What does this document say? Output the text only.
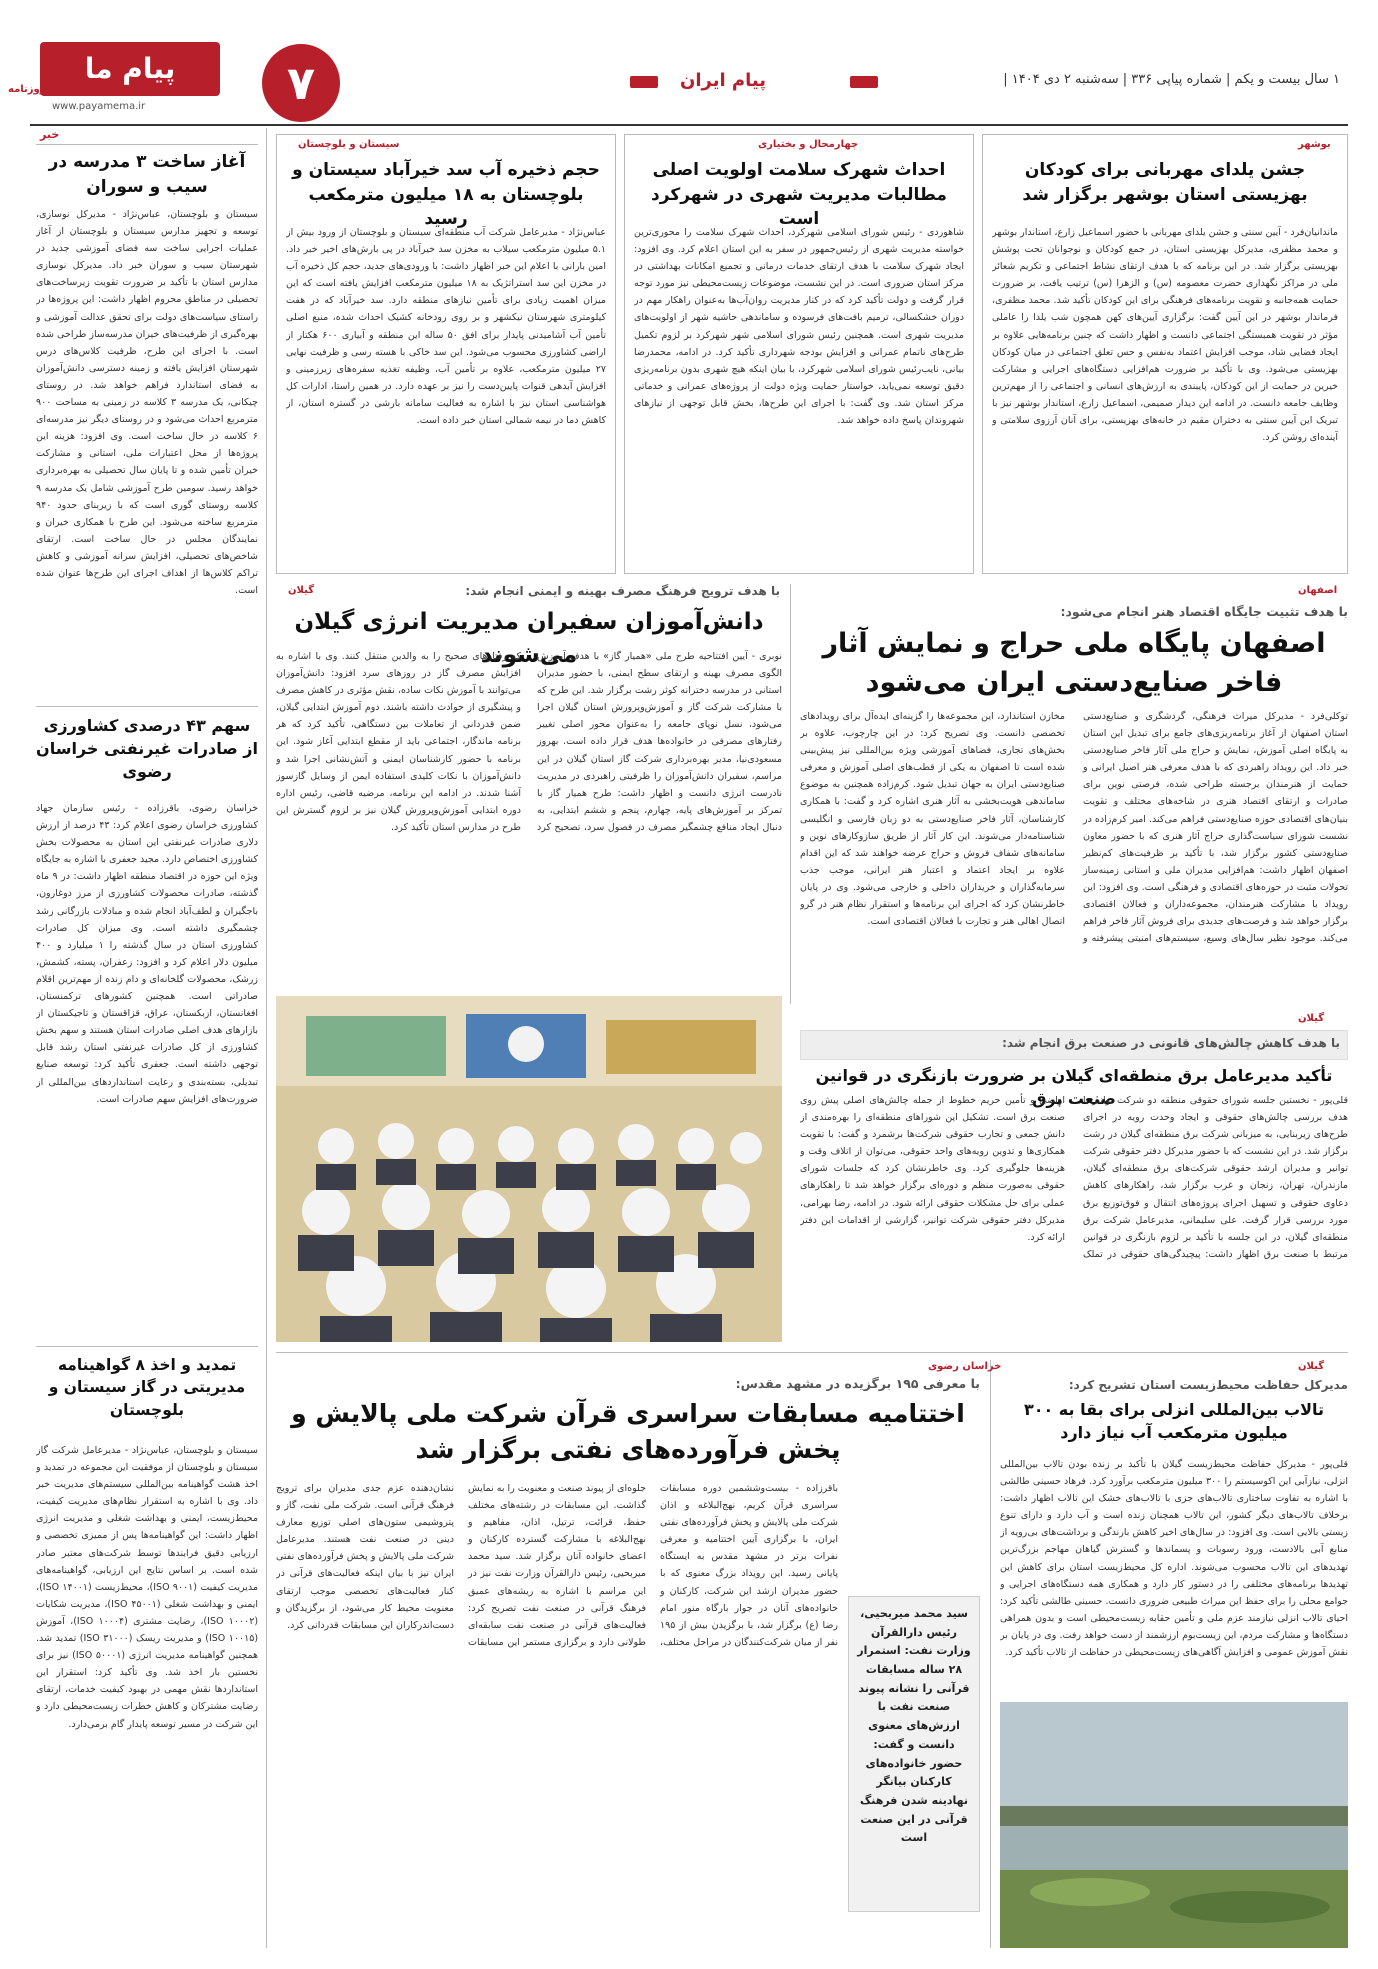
۱ سال بیست و یکم | شماره پیاپی ۳۳۶ | سه‌شنبه ۲ دی ۱۴۰۴ |
پیام ایران
۷
پیام ما
روزنامه
www.payamema.ir
خبر
آغاز ساخت ۳ مدرسه در سیب و سوران
سیستان و بلوچستان، عباس‌نژاد - مدیرکل نوسازی، توسعه و تجهیز مدارس سیستان و بلوچستان از آغاز عملیات اجرایی ساخت سه فضای آموزشی جدید در شهرستان سیب و سوران خبر داد. مدیرکل نوسازی مدارس استان با تأکید بر ضرورت تقویت زیرساخت‌های تحصیلی در مناطق محروم اظهار داشت: این پروژه‌ها در راستای سیاست‌های دولت برای تحقق عدالت آموزشی و بهره‌گیری از ظرفیت‌های خیران مدرسه‌ساز طراحی شده است. با اجرای این طرح، ظرفیت کلاس‌های درس شهرستان افزایش یافته و زمینه دسترسی دانش‌آموزان به فضای استاندارد فراهم خواهد شد. در روستای چیکانی، یک مدرسه ۳ کلاسه در زمینی به مساحت ۹۰۰ مترمربع احداث می‌شود و در روستای دیگر نیز مدرسه‌ای ۶ کلاسه در حال ساخت است. وی افزود: هزینه این پروژه‌ها از محل اعتبارات ملی، استانی و مشارکت خیران تأمین شده و تا پایان سال تحصیلی به بهره‌برداری خواهد رسید. سومین طرح آموزشی شامل یک مدرسه ۹ کلاسه روستای گوری است که با زیربنای حدود ۹۴۰ مترمربع ساخته می‌شود. این طرح با همکاری خیران و نمایندگان مجلس در حال ساخت است. ارتقای شاخص‌های تحصیلی، افزایش سرانه آموزشی و کاهش تراکم کلاس‌ها از اهداف اجرای این طرح‌ها عنوان شده است.
سهم ۴۳ درصدی کشاورزی از صادرات غیرنفتی خراسان رضوی
خراسان رضوی، باقرزاده - رئیس سازمان جهاد کشاورزی خراسان رضوی اعلام کرد: ۴۳ درصد از ارزش دلاری صادرات غیرنفتی این استان به محصولات بخش کشاورزی اختصاص دارد. مجید جعفری با اشاره به جایگاه ویژه این حوزه در اقتصاد منطقه اظهار داشت: در ۹ ماه گذشته، صادرات محصولات کشاورزی از مرز دوغارون، باجگیران و لطف‌آباد انجام شده و مبادلات بازرگانی رشد چشمگیری داشته است. وی میزان کل صادرات کشاورزی استان در سال گذشته را ۱ میلیارد و ۴۰۰ میلیون دلار اعلام کرد و افزود: زعفران، پسته، کشمش، زرشک، محصولات گلخانه‌ای و دام زنده از مهم‌ترین اقلام صادراتی است. همچنین کشورهای ترکمنستان، افغانستان، ازبکستان، عراق، قزاقستان و تاجیکستان از بازارهای هدف اصلی صادرات استان هستند و سهم بخش کشاورزی از کل صادرات غیرنفتی استان رشد قابل توجهی داشته است. جعفری تأکید کرد: توسعه صنایع تبدیلی، بسته‌بندی و رعایت استانداردهای بین‌المللی از ضرورت‌های افزایش سهم صادرات است.
تمدید و اخذ ۸ گواهینامه مدیریتی در گاز سیستان و بلوچستان
سیستان و بلوچستان، عباس‌نژاد - مدیرعامل شرکت گاز سیستان و بلوچستان از موفقیت این مجموعه در تمدید و اخذ هشت گواهینامه بین‌المللی سیستم‌های مدیریت خبر داد. وی با اشاره به استقرار نظام‌های مدیریت کیفیت، محیط‌زیست، ایمنی و بهداشت شغلی و مدیریت انرژی اظهار داشت: این گواهینامه‌ها پس از ممیزی تخصصی و ارزیابی دقیق فرایندها توسط شرکت‌های معتبر صادر شده است. بر اساس نتایج این ارزیابی، گواهینامه‌های مدیریت کیفیت (ISO ۹۰۰۱)، محیط‌زیست (ISO ۱۴۰۰۱)، ایمنی و بهداشت شغلی (ISO ۴۵۰۰۱)، مدیریت شکایات (ISO ۱۰۰۰۲)، رضایت مشتری (ISO ۱۰۰۰۴)، آموزش (ISO ۱۰۰۱۵) و مدیریت ریسک (ISO ۳۱۰۰۰) تمدید شد. همچنین گواهینامه مدیریت انرژی (ISO ۵۰۰۰۱) نیز برای نخستین بار اخذ شد. وی تأکید کرد: استقرار این استانداردها نقش مهمی در بهبود کیفیت خدمات، ارتقای رضایت مشترکان و کاهش خطرات زیست‌محیطی دارد و این شرکت در مسیر توسعه پایدار گام برمی‌دارد.
سیستان و بلوچستان
حجم ذخیره آب سد خیرآباد سیستان و بلوچستان به ۱۸ میلیون مترمکعب رسید
عباس‌نژاد - مدیرعامل شرکت آب منطقه‌ای سیستان و بلوچستان از ورود بیش از ۵.۱ میلیون مترمکعب سیلاب به مخزن سد خیرآباد در پی بارش‌های اخیر خبر داد. امین بارانی با اعلام این خبر اظهار داشت: با ورودی‌های جدید، حجم کل ذخیره آب در مخزن این سد استراتژیک به ۱۸ میلیون مترمکعب افزایش یافته است که این میزان اهمیت زیادی برای تأمین نیازهای منطقه دارد. سد خیرآباد که در هفت کیلومتری شهرستان نیکشهر و بر روی رودخانه کشیک احداث شده، منبع اصلی تأمین آب آشامیدنی پایدار برای افق ۵۰ ساله این منطقه و آبیاری ۶۰۰ هکتار از اراضی کشاورزی محسوب می‌شود. این سد خاکی با هسته رسی و ظرفیت نهایی ۲۷ میلیون مترمکعب، علاوه بر تأمین آب، وظیفه تغذیه سفره‌های زیرزمینی و افزایش آبدهی قنوات پایین‌دست را نیز بر عهده دارد. در همین راستا، ادارات کل هواشناسی استان نیز با اشاره به فعالیت سامانه بارشی در گستره استان، از کاهش دما در نیمه شمالی استان خبر داده است.
چهارمحال و بختیاری
احداث شهرک سلامت اولویت اصلی مطالبات مدیریت شهری در شهرکرد است
شاهوردی - رئیس شورای اسلامی شهرکرد، احداث شهرک سلامت را محوری‌ترین خواسته مدیریت شهری از رئیس‌جمهور در سفر به این استان اعلام کرد. وی افزود: ایجاد شهرک سلامت با هدف ارتقای خدمات درمانی و تجمیع امکانات بهداشتی در مرکز استان ضروری است. در این نشست، موضوعات زیست‌محیطی نیز مورد توجه قرار گرفت و دولت تأکید کرد که در کنار مدیریت روان‌آب‌ها به‌عنوان راهکار مهم در دوران خشکسالی، ترمیم بافت‌های فرسوده و ساماندهی حاشیه شهر از اولویت‌های مدیریت شهری است. همچنین رئیس شورای اسلامی شهر شهرکرد بر لزوم تکمیل طرح‌های ناتمام عمرانی و افزایش بودجه شهرداری تأکید کرد. در ادامه، محمدرضا بیانی، نایب‌رئیس شورای اسلامی شهرکرد، با بیان اینکه هیچ شهری بدون برنامه‌ریزی دقیق توسعه نمی‌یابد، خواستار حمایت ویژه دولت از پروژه‌های عمرانی و خدماتی مرکز استان شد. وی گفت: با اجرای این طرح‌ها، بخش قابل توجهی از نیازهای شهروندان پاسخ داده خواهد شد.
بوشهر
جشن یلدای مهربانی برای کودکان بهزیستی استان بوشهر برگزار شد
ماندانیان‌فرد - آیین سنتی و جشن یلدای مهربانی با حضور اسماعیل زارع، استاندار بوشهر و محمد مظفری، مدیرکل بهزیستی استان، در جمع کودکان و نوجوانان تحت پوشش بهزیستی برگزار شد. در این برنامه که با هدف ارتقای نشاط اجتماعی و تکریم شعائر ملی در مراکز نگهداری حضرت معصومه (س) و الزهرا (س) ترتیب یافت، بر ضرورت حمایت همه‌جانبه و تقویت برنامه‌های فرهنگی برای این کودکان تأکید شد. محمد مظفری، فرماندار بوشهر در این آیین گفت: برگزاری آیین‌های کهن همچون شب یلدا را عاملی مؤثر در تقویت همبستگی اجتماعی دانست و اظهار داشت که چنین برنامه‌هایی علاوه بر ایجاد فضایی شاد، موجب افزایش اعتماد به‌نفس و حس تعلق اجتماعی در میان کودکان بهزیستی می‌شود. وی با تأکید بر ضرورت هم‌افزایی دستگاه‌های اجرایی و مشارکت خیرین در حمایت از این کودکان، پایبندی به ارزش‌های انسانی و اجتماعی را از مهم‌ترین وظایف جامعه دانست. در ادامه این دیدار صمیمی، اسماعیل زارع، استاندار بوشهر نیز با تبریک این آیین سنتی به دختران مقیم در خانه‌های بهزیستی، برای آنان آرزوی سلامتی و آینده‌ای روشن کرد.
اصفهان
با هدف تثبیت جایگاه اقتصاد هنر انجام می‌شود:
اصفهان پایگاه ملی حراج و نمایش آثار فاخر صنایع‌دستی ایران می‌شود
توکلی‌فرد - مدیرکل میراث فرهنگی، گردشگری و صنایع‌دستی استان اصفهان از آغاز برنامه‌ریزی‌های جامع برای تبدیل این استان به پایگاه اصلی آموزش، نمایش و حراج ملی آثار فاخر صنایع‌دستی خبر داد. این رویداد راهبردی که با هدف معرفی هنر اصیل ایرانی و حمایت از هنرمندان برجسته طراحی شده، فرصتی نوین برای صادرات و ارتقای اقتصاد هنری در شاخه‌های مختلف و تقویت بنیان‌های اقتصادی حوزه صنایع‌دستی فراهم می‌کند. امیر کرم‌زاده در نشست شورای سیاست‌گذاری حراج آثار هنری که با حضور معاون صنایع‌دستی کشور برگزار شد، با تأکید بر ظرفیت‌های کم‌نظیر اصفهان اظهار داشت: هم‌افزایی مدیران ملی و استانی زمینه‌ساز تحولات مثبت در حوزه‌های اقتصادی و فرهنگی است. وی افزود: این رویداد با مشارکت هنرمندان، مجموعه‌داران و فعالان اقتصادی برگزار خواهد شد و فرصت‌های جدیدی برای فروش آثار فاخر فراهم می‌کند. موجود نظیر سال‌های وسیع، سیستم‌های امنیتی پیشرفته و مخازن استاندارد، این مجموعه‌ها را گزینه‌ای ایده‌آل برای رویدادهای تخصصی دانست. وی تصریح کرد: در این چارچوب، علاوه بر بخش‌های تجاری، فضاهای آموزشی ویژه بین‌المللی نیز پیش‌بینی شده است تا اصفهان به یکی از قطب‌های اصلی آموزش و معرفی صنایع‌دستی ایران به جهان تبدیل شود. کرم‌زاده همچنین به موضوع ساماندهی هویت‌بخشی به آثار هنری اشاره کرد و گفت: با همکاری کارشناسان، آثار فاخر صنایع‌دستی به دو زبان فارسی و انگلیسی شناسنامه‌دار می‌شوند. این کار آثار از طریق سازوکارهای نوین و سامانه‌های شفاف فروش و حراج عرضه خواهند شد که این اقدام علاوه بر ایجاد اعتماد و اعتبار هنر ایرانی، موجب جذب سرمایه‌گذاران و خریداران داخلی و خارجی می‌شود. وی در پایان خاطرنشان کرد که اجرای این برنامه‌ها و استقرار نظام هنر در گرو اتصال اهالی هنر و تجارت با فعالان اقتصادی است.
گیلان	با هدف ترویج فرهنگ مصرف بهینه و ایمنی انجام شد:
دانش‌آموزان سفیران مدیریت انرژی گیلان می‌شوند
نوبری - آیین افتتاحیه طرح ملی «همیار گاز» با هدف آموزش الگوی مصرف بهینه و ارتقای سطح ایمنی، با حضور مدیران استانی در مدرسه دخترانه کوثر رشت برگزار شد. این طرح که با مشارکت شرکت گاز و آموزش‌وپرورش استان گیلان اجرا می‌شود، نسل نوپای جامعه را به‌عنوان محور اصلی تغییر رفتارهای مصرفی در خانواده‌ها هدف قرار داده است. بهروز مسعودی‌نیا، مدیر بهره‌برداری شرکت گاز استان گیلان در این مراسم، سفیران دانش‌آموزان را ظرفیتی راهبردی در مدیریت نادرست انرژی دانست و اظهار داشت: طرح همیار گاز با تمرکز بر آموزش‌های پایه، چهارم، پنجم و ششم ابتدایی، به دنبال ایجاد منافع چشمگیر مصرف در فصول سرد، تصحیح کرد که رفتارهای صحیح را به والدین منتقل کنند. وی با اشاره به افزایش مصرف گاز در روزهای سرد افزود: دانش‌آموزان می‌توانند با آموزش نکات ساده، نقش مؤثری در کاهش مصرف و پیشگیری از حوادث داشته باشند. دوم آموزش ابتدایی گیلان، ضمن قدردانی از تعاملات بین دستگاهی، تأکید کرد که هر برنامه ماندگار، اجتماعی باید از مقطع ابتدایی آغاز شود. این برنامه با حضور کارشناسان ایمنی و آتش‌نشانی اجرا شد و دانش‌آموزان با نکات کلیدی استفاده ایمن از وسایل گازسوز آشنا شدند. در ادامه این برنامه، مرضیه قاضی، رئیس اداره دوره ابتدایی آموزش‌وپرورش گیلان نیز بر لزوم گسترش این طرح در مدارس استان تأکید کرد.
گیلان
با هدف کاهش چالش‌های قانونی در صنعت برق انجام شد:
تأکید مدیرعامل برق منطقه‌ای گیلان بر ضرورت بازنگری در قوانین صنعت برق
قلی‌پور - نخستین جلسه شورای حقوقی منطقه دو شرکت توانیر با هدف بررسی چالش‌های حقوقی و ایجاد وحدت رویه در اجرای طرح‌های زیربنایی، به میزبانی شرکت برق منطقه‌ای گیلان در رشت برگزار شد. در این نشست که با حضور مدیرکل دفتر حقوقی شرکت توانیر و مدیران ارشد حقوقی شرکت‌های برق منطقه‌ای گیلان، مازندران، تهران، زنجان و غرب برگزار شد، راهکارهای کاهش دعاوی حقوقی و تسهیل اجرای پروژه‌های انتقال و فوق‌توزیع برق مورد بررسی قرار گرفت. علی سلیمانی، مدیرعامل شرکت برق منطقه‌ای گیلان، در این جلسه با تأکید بر لزوم بازنگری در قوانین مرتبط با صنعت برق اظهار داشت: پیچیدگی‌های حقوقی در تملک اراضی و تأمین حریم خطوط از جمله چالش‌های اصلی پیش روی صنعت برق است. تشکیل این شوراهای منطقه‌ای را بهره‌مندی از دانش جمعی و تجارب حقوقی شرکت‌ها برشمرد و گفت: با تقویت همکاری‌ها و تدوین رویه‌های واحد حقوقی، می‌توان از اتلاف وقت و هزینه‌ها جلوگیری کرد. وی خاطرنشان کرد که جلسات شورای حقوقی به‌صورت منظم و دوره‌ای برگزار خواهد شد تا راهکارهای عملی برای حل مشکلات حقوقی ارائه شود. در ادامه، رضا بهرامی، مدیرکل دفتر حقوقی شرکت توانیر، گزارشی از اقدامات این دفتر ارائه کرد.
گیلان
مدیرکل حفاظت محیط‌زیست استان تشریح کرد:
تالاب بین‌المللی انزلی برای بقا به ۳۰۰ میلیون مترمکعب آب نیاز دارد
قلی‌پور - مدیرکل حفاظت محیط‌زیست گیلان با تأکید بر زنده بودن تالاب بین‌المللی انزلی، نیازآبی این اکوسیستم را ۳۰۰ میلیون مترمکعب برآورد کرد. فرهاد حسینی طالشی با اشاره به تفاوت ساختاری تالاب‌های جزی با تالاب‌های خشک این تالاب اظهار داشت: برخلاف تالاب‌های دیگر کشور، این تالاب همچنان زنده است و آب دارد و دارای تنوع زیستی بالایی است. وی افزود: در سال‌های اخیر کاهش بارندگی و برداشت‌های بی‌رویه از منابع آبی بالادست، ورود رسوبات و پسماندها و گسترش گیاهان مهاجم بزرگ‌ترین تهدیدهای این تالاب محسوب می‌شوند. اداره کل محیط‌زیست استان برای کاهش این تهدیدها برنامه‌های مختلفی را در دستور کار دارد و همکاری همه دستگاه‌های اجرایی و جوامع محلی را برای حفظ این میراث طبیعی ضروری دانست. حسینی طالشی تأکید کرد: احیای تالاب انزلی نیازمند عزم ملی و تأمین حقابه زیست‌محیطی است و بدون همراهی دستگاه‌ها و مشارکت مردم، این زیست‌بوم ارزشمند از دست خواهد رفت. وی در پایان بر نقش آموزش عمومی و افزایش آگاهی‌های زیست‌محیطی در حفاظت از تالاب تأکید کرد.
خراسان رضوی
با معرفی ۱۹۵ برگزیده در مشهد مقدس:
اختتامیه مسابقات سراسری قرآن شرکت ملی پالایش و پخش فرآورده‌های نفتی برگزار شد
باقرزاده - بیست‌وششمین دوره مسابقات سراسری قرآن کریم، نهج‌البلاغه و اذان شرکت ملی پالایش و پخش فرآورده‌های نفتی ایران، با برگزاری آیین اختتامیه و معرفی نفرات برتر در مشهد مقدس به ایستگاه پایانی رسید. این رویداد بزرگ معنوی که با حضور مدیران ارشد این شرکت، کارکنان و خانواده‌های آنان در جوار بارگاه منور امام رضا (ع) برگزار شد، با برگزیدن بیش از ۱۹۵ نفر از میان شرکت‌کنندگان در مراحل مختلف، جلوه‌ای از پیوند صنعت و معنویت را به نمایش گذاشت. این مسابقات در رشته‌های مختلف حفظ، قرائت، ترتیل، اذان، مفاهیم و نهج‌البلاغه با مشارکت گسترده کارکنان و اعضای خانواده آنان برگزار شد. سید محمد میربحیی، رئیس دارالقرآن وزارت نفت نیز در این مراسم با اشاره به ریشه‌های عمیق فرهنگ قرآنی در صنعت نفت تصریح کرد: فعالیت‌های قرآنی در صنعت نفت سابقه‌ای طولانی دارد و برگزاری مستمر این مسابقات نشان‌دهنده عزم جدی مدیران برای ترویج فرهنگ قرآنی است. شرکت ملی نفت، گاز و پتروشیمی ستون‌های اصلی توزیع معارف دینی در صنعت نفت هستند. مدیرعامل شرکت ملی پالایش و پخش فرآورده‌های نفتی ایران نیز با بیان اینکه فعالیت‌های قرآنی در کنار فعالیت‌های تخصصی موجب ارتقای معنویت محیط کار می‌شود، از برگزیدگان و دست‌اندرکاران این مسابقات قدردانی کرد.
سید محمد میربحیی، رئیس دارالقرآن وزارت نفت: استمرار ۲۸ ساله مسابقات قرآنی را نشانه پیوند صنعت نفت با ارزش‌های معنوی دانست و گفت: حضور خانواده‌های کارکنان بیانگر نهادینه شدن فرهنگ قرآنی در این صنعت است
